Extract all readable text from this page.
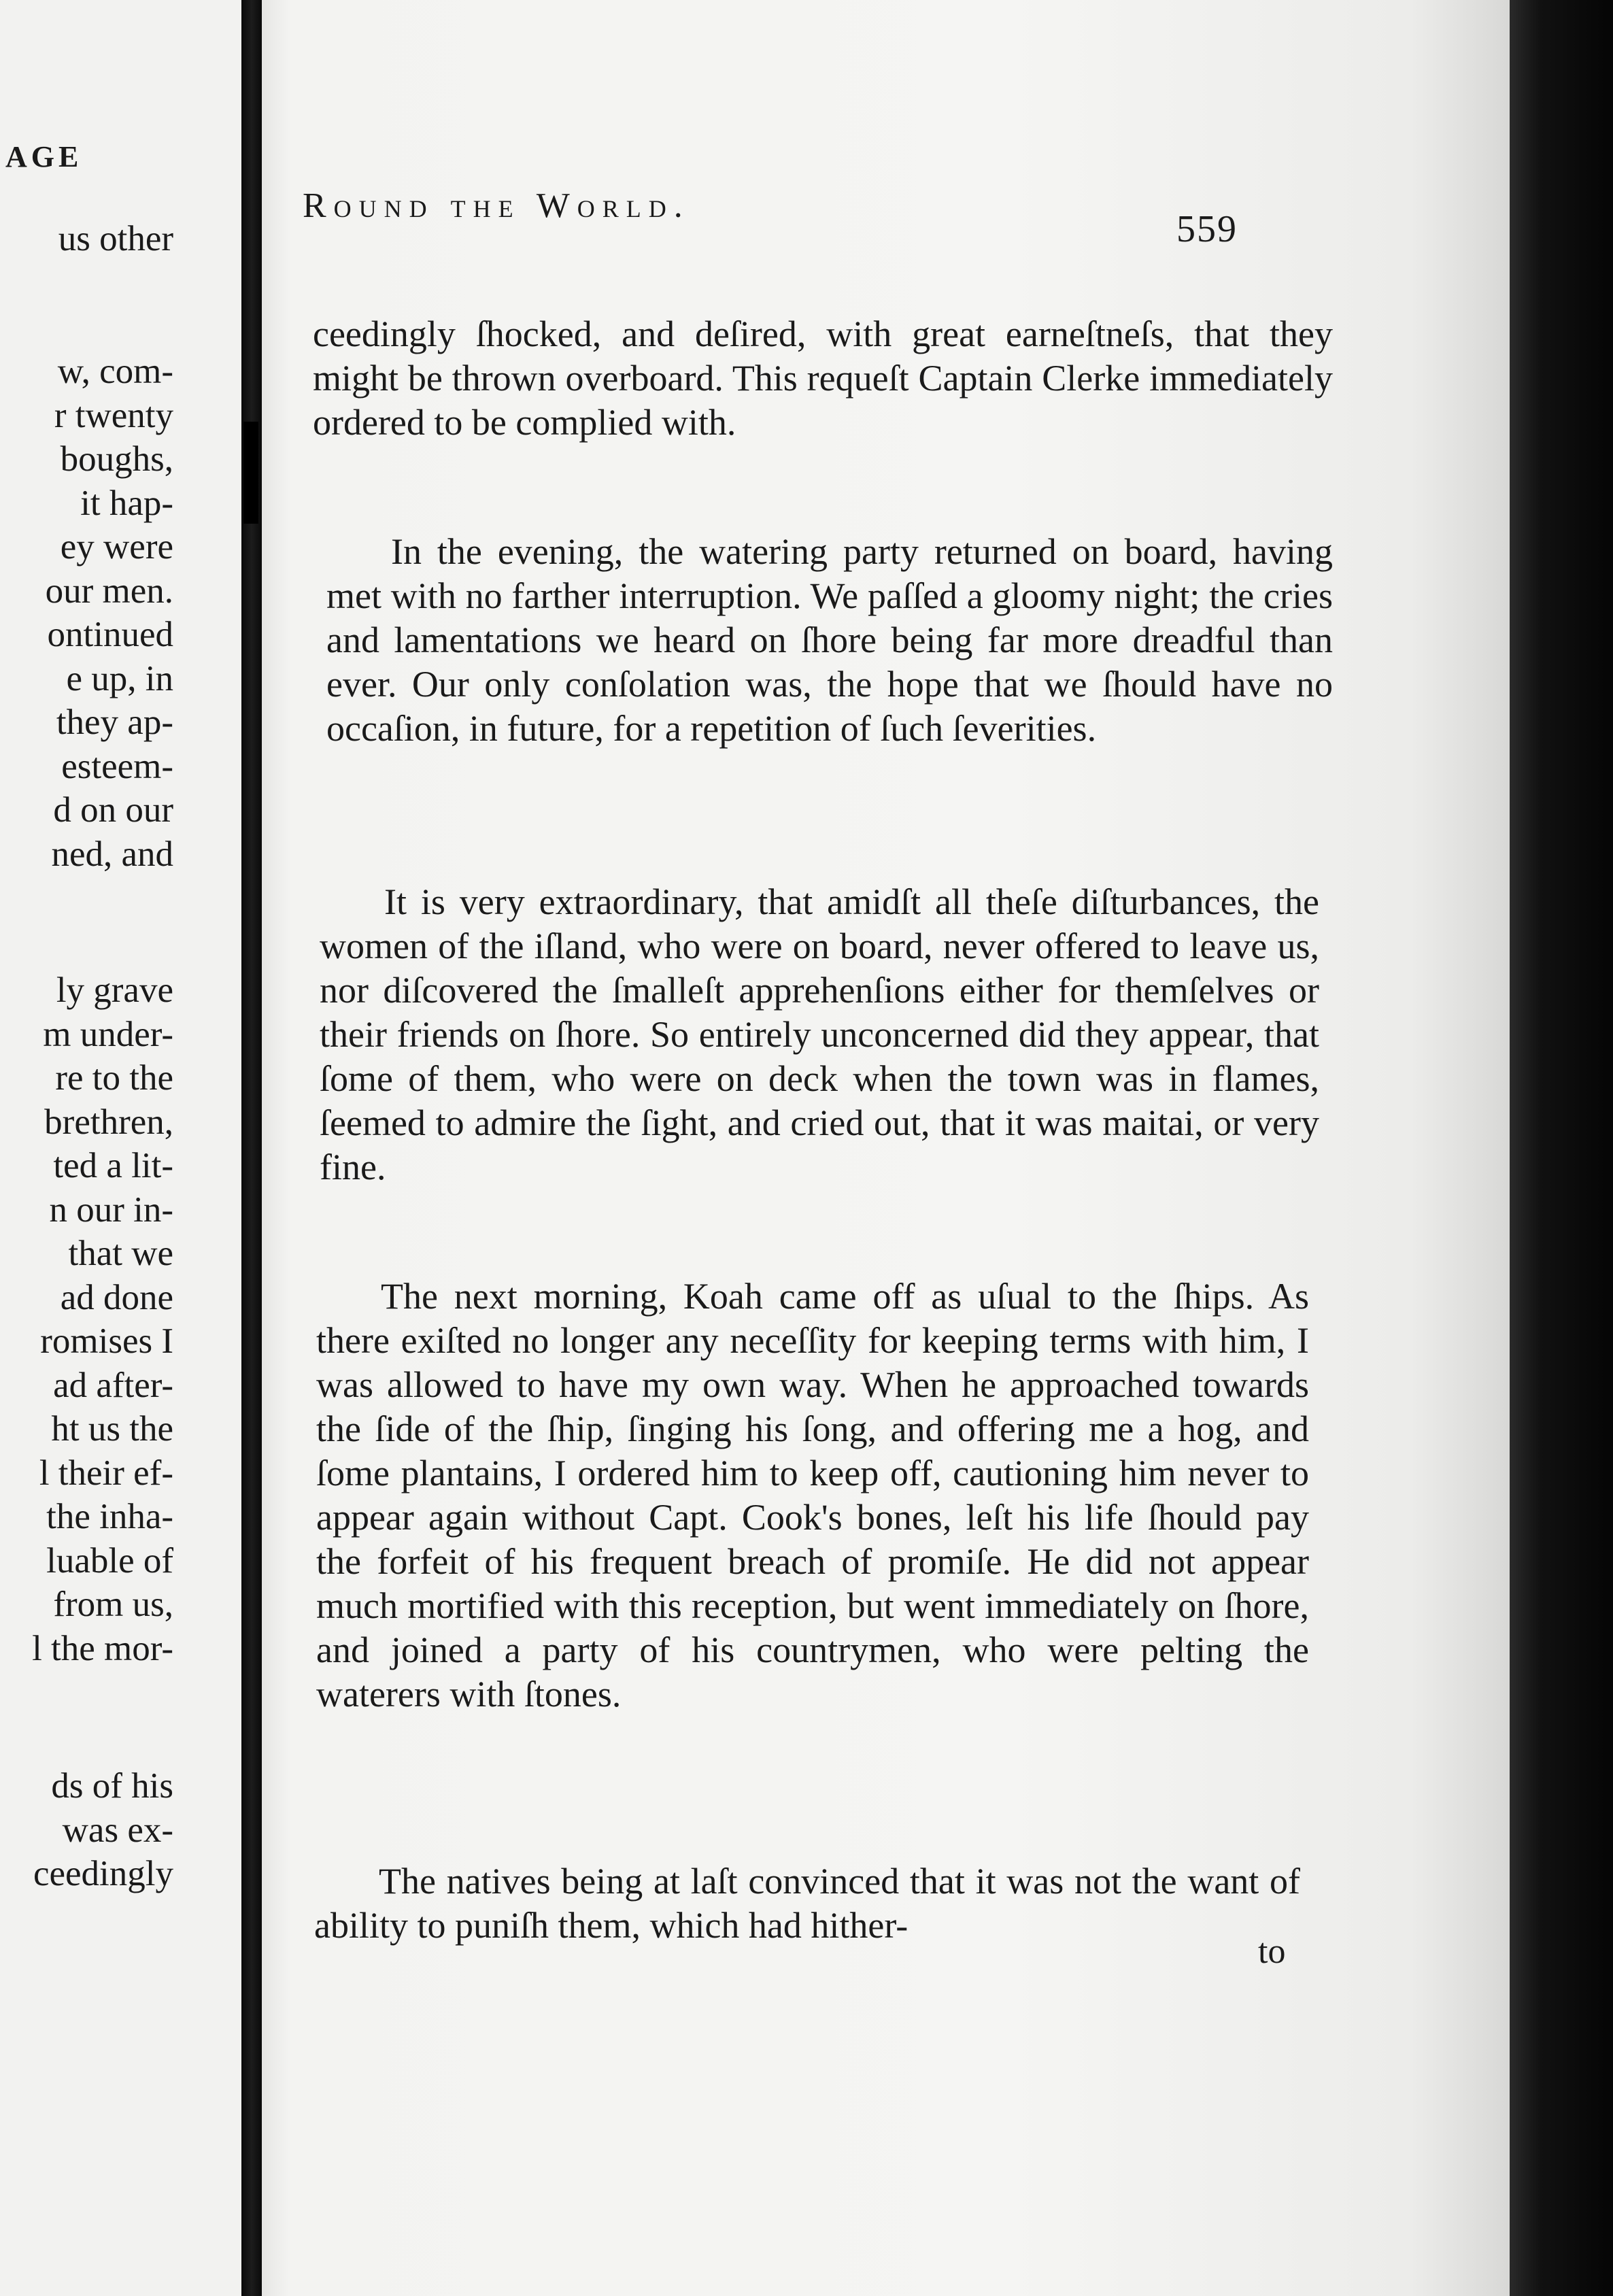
AGE
us other
w, com-
r twenty
boughs,
it hap-
ey were
our men.
ontinued
e up, in
they ap-
esteem-
d on our
ned, and
ly grave
m under-
re to the
brethren,
ted a lit-
n our in-
that we
ad done
romises I
ad after-
ht us the
l their ef-
the inha-
luable of
from us,
l the mor-
ds of his
was ex-
ceedingly
Round the World.
559

ceedingly ſhocked, and deſired, with great earneſtneſs, that they might be thrown overboard. This requeſt Captain Clerke immediately ordered to be complied with.

In the evening, the watering party returned on board, having met with no farther interruption. We paſſed a gloomy night; the cries and lamentations we heard on ſhore being far more dreadful than ever. Our only conſolation was, the hope that we ſhould have no occaſion, in future, for a repetition of ſuch ſeverities.

It is very extraordinary, that amidſt all theſe diſturbances, the women of the iſland, who were on board, never offered to leave us, nor diſcovered the ſmalleſt apprehenſions either for themſelves or their friends on ſhore. So entirely unconcerned did they appear, that ſome of them, who were on deck when the town was in flames, ſeemed to admire the ſight, and cried out, that it was maitai, or very fine.

The next morning, Koah came off as uſual to the ſhips. As there exiſted no longer any neceſſity for keeping terms with him, I was allowed to have my own way. When he approached towards the ſide of the ſhip, ſinging his ſong, and offering me a hog, and ſome plantains, I ordered him to keep off, cautioning him never to appear again without Capt. Cook's bones, leſt his life ſhould pay the forfeit of his frequent breach of promiſe. He did not appear much mortified with this reception, but went immediately on ſhore, and joined a party of his countrymen, who were pelting the waterers with ſtones.

The natives being at laſt convinced that it was not the want of ability to puniſh them, which had hither-

to
